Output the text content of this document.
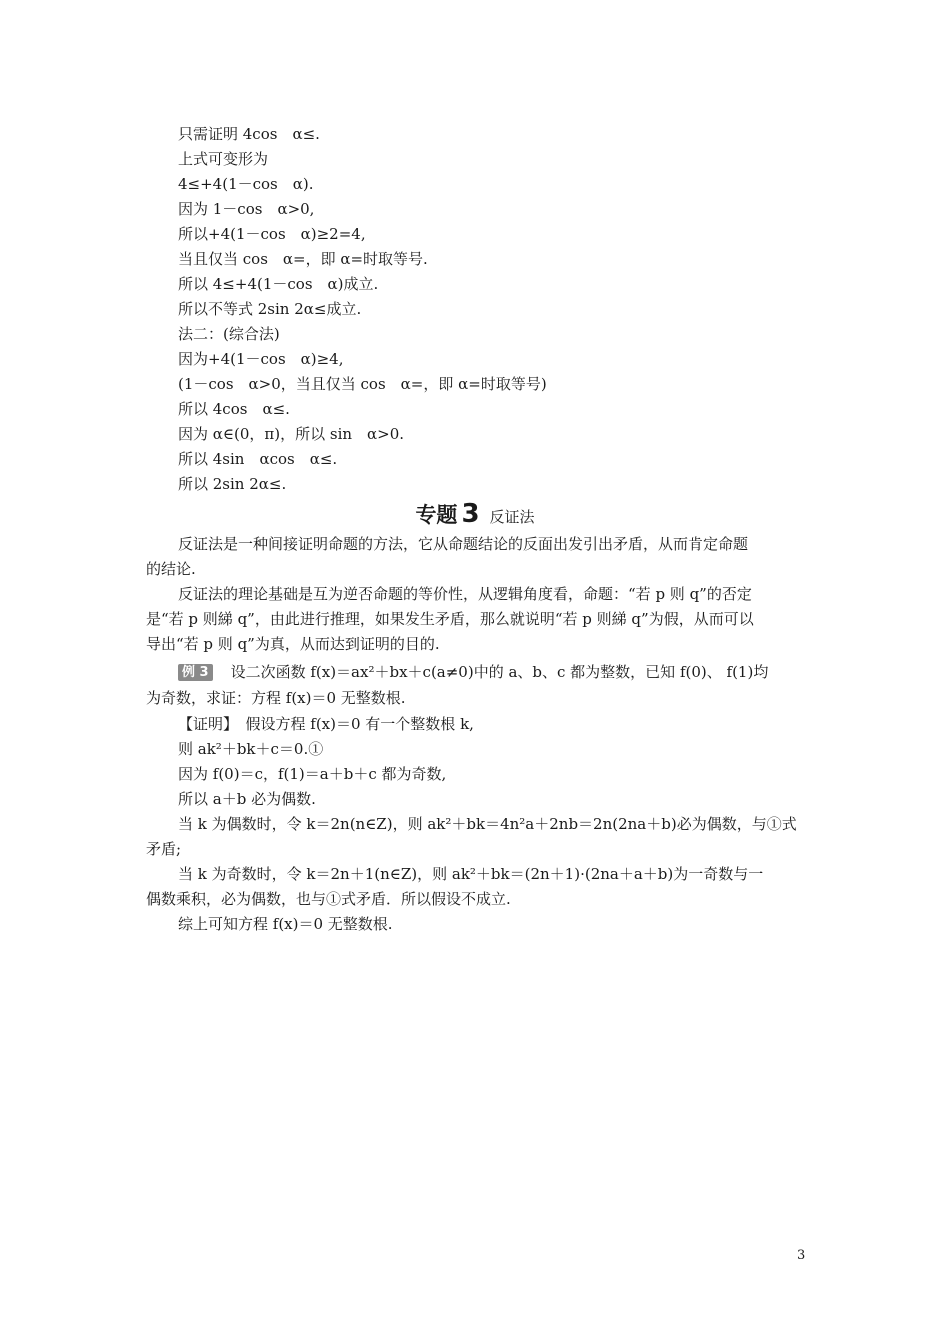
只需证明 4cos　α≤.
上式可变形为
4≤+4(1－cos　α).
因为 1－cos　α>0,
所以+4(1－cos　α)≥2=4,
当且仅当 cos　α=，即 α=时取等号.
所以 4≤+4(1－cos　α)成立.
所以不等式 2sin 2α≤成立.
法二：(综合法)
因为+4(1－cos　α)≥4,
(1－cos　α>0，当且仅当 cos　α=，即 α=时取等号)
所以 4cos　α≤.
因为 α∈(0，π)，所以 sin　α>0.
所以 4sin　αcos　α≤.
所以 2sin 2α≤.
专题 3 反证法
反证法是一种间接证明命题的方法，它从命题结论的反面出发引出矛盾，从而肯定命题
的结论.
反证法的理论基础是互为逆否命题的等价性，从逻辑角度看，命题：“若 p 则 q”的否定
是“若 p 则綈 q”，由此进行推理，如果发生矛盾，那么就说明“若 p 则綈 q”为假，从而可以
导出“若 p 则 q”为真，从而达到证明的目的.
例 3 设二次函数 f(x)＝ax²＋bx＋c(a≠0)中的 a、b、c 都为整数，已知 f(0)、 f(1)均
为奇数，求证：方程 f(x)＝0 无整数根.
【证明】　假设方程 f(x)＝0 有一个整数根 k,
则 ak²＋bk＋c＝0.①
因为 f(0)＝c，f(1)＝a＋b＋c 都为奇数,
所以 a＋b 必为偶数.
当 k 为偶数时，令 k＝2n(n∈Z)，则 ak²＋bk＝4n²a＋2nb＝2n(2na＋b)必为偶数，与①式
矛盾;
当 k 为奇数时，令 k＝2n＋1(n∈Z)，则 ak²＋bk＝(2n＋1)·(2na＋a＋b)为一奇数与一
偶数乘积，必为偶数，也与①式矛盾．所以假设不成立.
综上可知方程 f(x)＝0 无整数根.
3
